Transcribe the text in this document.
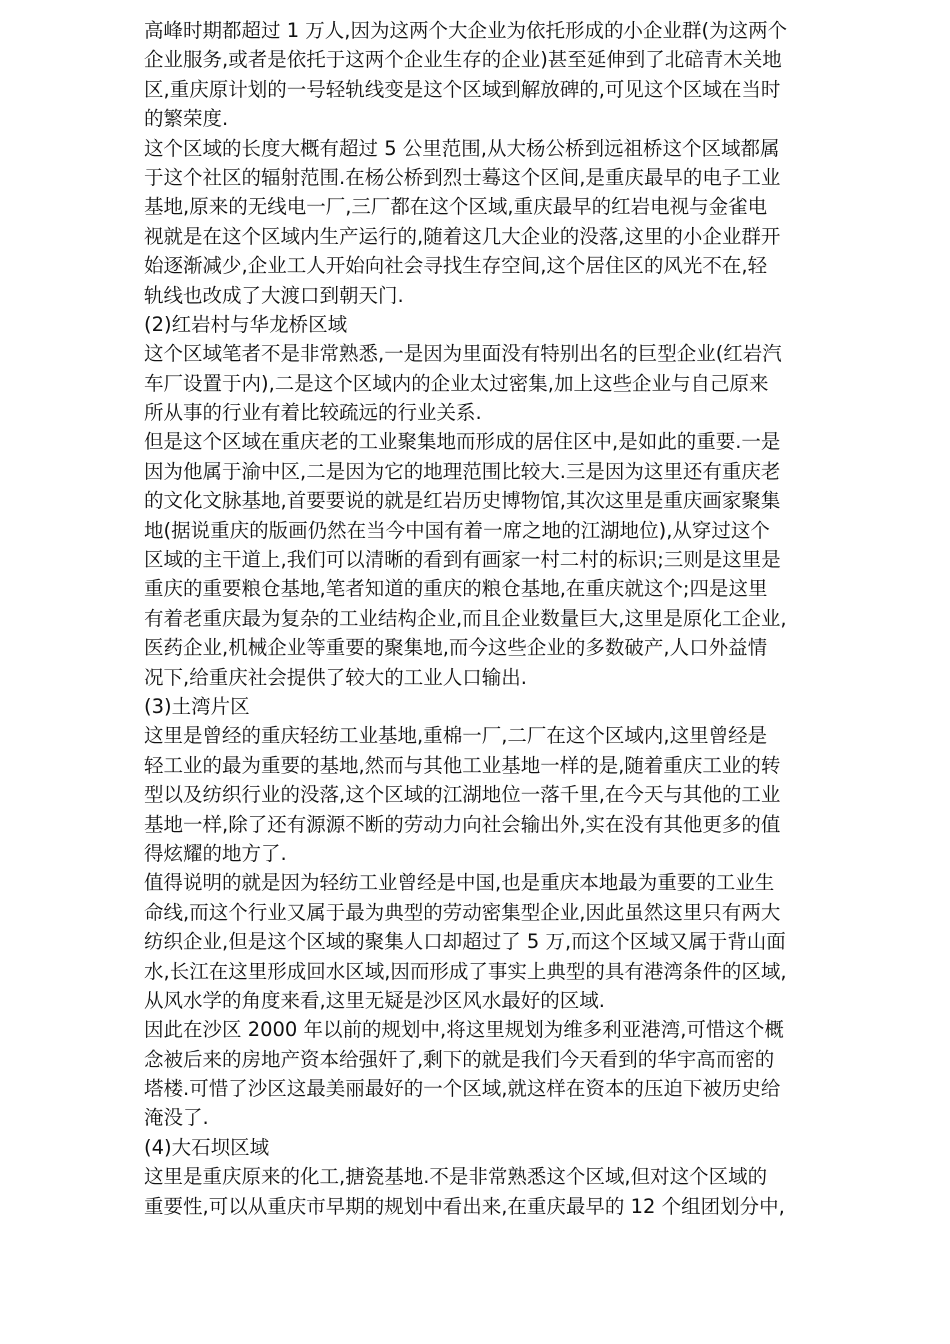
高峰时期都超过 1 万人,因为这两个大企业为依托形成的小企业群(为这两个
企业服务,或者是依托于这两个企业生存的企业)甚至延伸到了北碚青木关地
区,重庆原计划的一号轻轨线变是这个区域到解放碑的,可见这个区域在当时
的繁荣度.
这个区域的长度大概有超过 5 公里范围,从大杨公桥到远祖桥这个区域都属
于这个社区的辐射范围.在杨公桥到烈士蓦这个区间,是重庆最早的电子工业
基地,原来的无线电一厂,三厂都在这个区域,重庆最早的红岩电视与金雀电
视就是在这个区域内生产运行的,随着这几大企业的没落,这里的小企业群开
始逐渐减少,企业工人开始向社会寻找生存空间,这个居住区的风光不在,轻
轨线也改成了大渡口到朝天门.
(2)红岩村与华龙桥区域
这个区域笔者不是非常熟悉,一是因为里面没有特别出名的巨型企业(红岩汽
车厂设置于内),二是这个区域内的企业太过密集,加上这些企业与自己原来
所从事的行业有着比较疏远的行业关系.
但是这个区域在重庆老的工业聚集地而形成的居住区中,是如此的重要.一是
因为他属于渝中区,二是因为它的地理范围比较大.三是因为这里还有重庆老
的文化文脉基地,首要要说的就是红岩历史博物馆,其次这里是重庆画家聚集
地(据说重庆的版画仍然在当今中国有着一席之地的江湖地位),从穿过这个
区域的主干道上,我们可以清晰的看到有画家一村二村的标识;三则是这里是
重庆的重要粮仓基地,笔者知道的重庆的粮仓基地,在重庆就这个;四是这里
有着老重庆最为复杂的工业结构企业,而且企业数量巨大,这里是原化工企业,
医药企业,机械企业等重要的聚集地,而今这些企业的多数破产,人口外益情
况下,给重庆社会提供了较大的工业人口输出.
(3)土湾片区
这里是曾经的重庆轻纺工业基地,重棉一厂,二厂在这个区域内,这里曾经是
轻工业的最为重要的基地,然而与其他工业基地一样的是,随着重庆工业的转
型以及纺织行业的没落,这个区域的江湖地位一落千里,在今天与其他的工业
基地一样,除了还有源源不断的劳动力向社会输出外,实在没有其他更多的值
得炫耀的地方了.
值得说明的就是因为轻纺工业曾经是中国,也是重庆本地最为重要的工业生
命线,而这个行业又属于最为典型的劳动密集型企业,因此虽然这里只有两大
纺织企业,但是这个区域的聚集人口却超过了 5 万,而这个区域又属于背山面
水,长江在这里形成回水区域,因而形成了事实上典型的具有港湾条件的区域,
从风水学的角度来看,这里无疑是沙区风水最好的区域.
因此在沙区 2000 年以前的规划中,将这里规划为维多利亚港湾,可惜这个概
念被后来的房地产资本给强奸了,剩下的就是我们今天看到的华宇高而密的
塔楼.可惜了沙区这最美丽最好的一个区域,就这样在资本的压迫下被历史给
淹没了.
(4)大石坝区域
这里是重庆原来的化工,搪瓷基地.不是非常熟悉这个区域,但对这个区域的
重要性,可以从重庆市早期的规划中看出来,在重庆最早的 12 个组团划分中,
